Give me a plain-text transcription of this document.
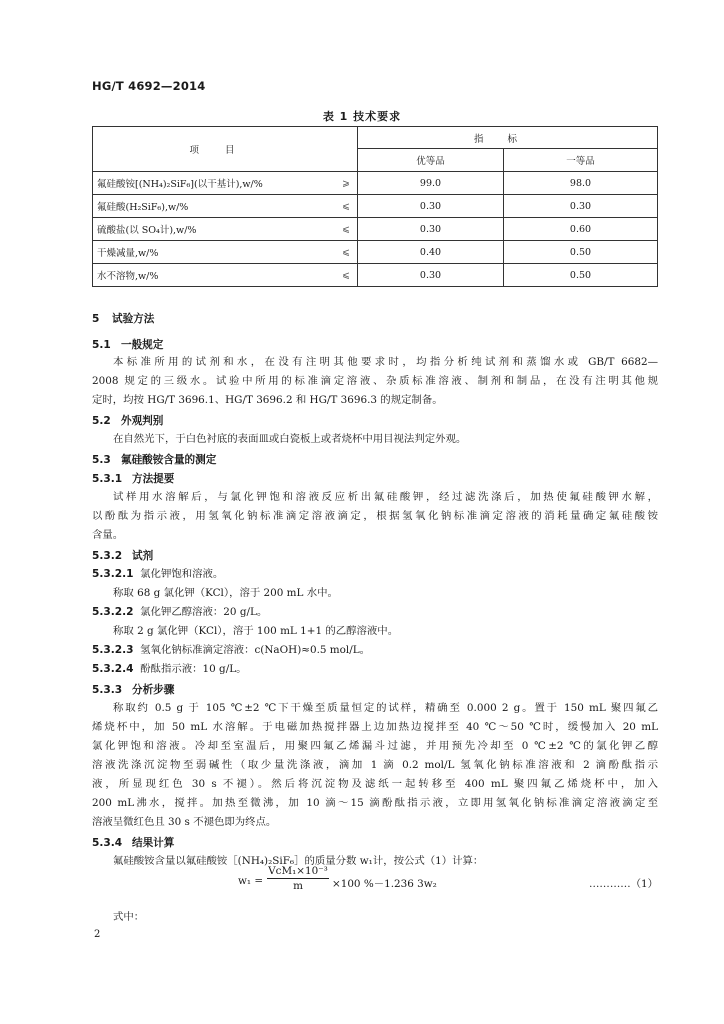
HG/T 4692—2014
表 1 技术要求
项目		指标	
		优等品	一等品
氟硅酸铵[(NH₄)₂SiF₆](以干基计),w/%	⩾	99.0	98.0
氟硅酸(H₂SiF₆),w/%	⩽	0.30	0.30
硫酸盐(以 SO₄计),w/%	⩽	0.30	0.60
干燥减量,w/%	⩽	0.40	0.50
水不溶物,w/%	⩽	0.30	0.50
5 试验方法
5.1 一般规定
本标准所用的试剂和水，在没有注明其他要求时，均指分析纯试剂和蒸馏水或 GB/T 6682—
2008 规定的三级水。试验中所用的标准滴定溶液、杂质标准溶液、制剂和制品，在没有注明其他规
定时，均按 HG/T 3696.1、HG/T 3696.2 和 HG/T 3696.3 的规定制备。
5.2 外观判别
在自然光下，于白色衬底的表面皿或白瓷板上或者烧杯中用目视法判定外观。
5.3 氟硅酸铵含量的测定
5.3.1 方法提要
试样用水溶解后，与氯化钾饱和溶液反应析出氟硅酸钾，经过滤洗涤后，加热使氟硅酸钾水解，
以酚酞为指示液，用氢氧化钠标准滴定溶液滴定，根据氢氧化钠标准滴定溶液的消耗量确定氟硅酸铵
含量。
5.3.2 试剂
5.3.2.1 氯化钾饱和溶液。
称取 68 g 氯化钾（KCl），溶于 200 mL 水中。
5.3.2.2 氯化钾乙醇溶液：20 g/L。
称取 2 g 氯化钾（KCl），溶于 100 mL 1+1 的乙醇溶液中。
5.3.2.3 氢氧化钠标准滴定溶液：c(NaOH)≈0.5 mol/L。
5.3.2.4 酚酞指示液：10 g/L。
5.3.3 分析步骤
称取约 0.5 g 于 105 ℃±2 ℃下干燥至质量恒定的试样，精确至 0.000 2 g。置于 150 mL 聚四氟乙
烯烧杯中，加 50 mL 水溶解。于电磁加热搅拌器上边加热边搅拌至 40 ℃～50 ℃时，缓慢加入 20 mL
氯化钾饱和溶液。冷却至室温后，用聚四氟乙烯漏斗过滤，并用预先冷却至 0 ℃±2 ℃的氯化钾乙醇
溶液洗涤沉淀物至弱碱性（取少量洗涤液，滴加 1 滴 0.2 mol/L 氢氧化钠标准溶液和 2 滴酚酞指示
液，所显现红色 30 s 不褪）。然后将沉淀物及滤纸一起转移至 400 mL 聚四氟乙烯烧杯中，加入
200 mL沸水，搅拌。加热至微沸，加 10 滴～15 滴酚酞指示液，立即用氢氧化钠标准滴定溶液滴定至
溶液呈微红色且 30 s 不褪色即为终点。
5.3.4 结果计算
氟硅酸铵含量以氟硅酸铵［(NH₄)₂SiF₆］的质量分数 w₁计，按公式（1）计算：
w₁ =
VcM₁×10⁻³
m	×100 %－1.236 3w₂	…………（1）
式中：
2
